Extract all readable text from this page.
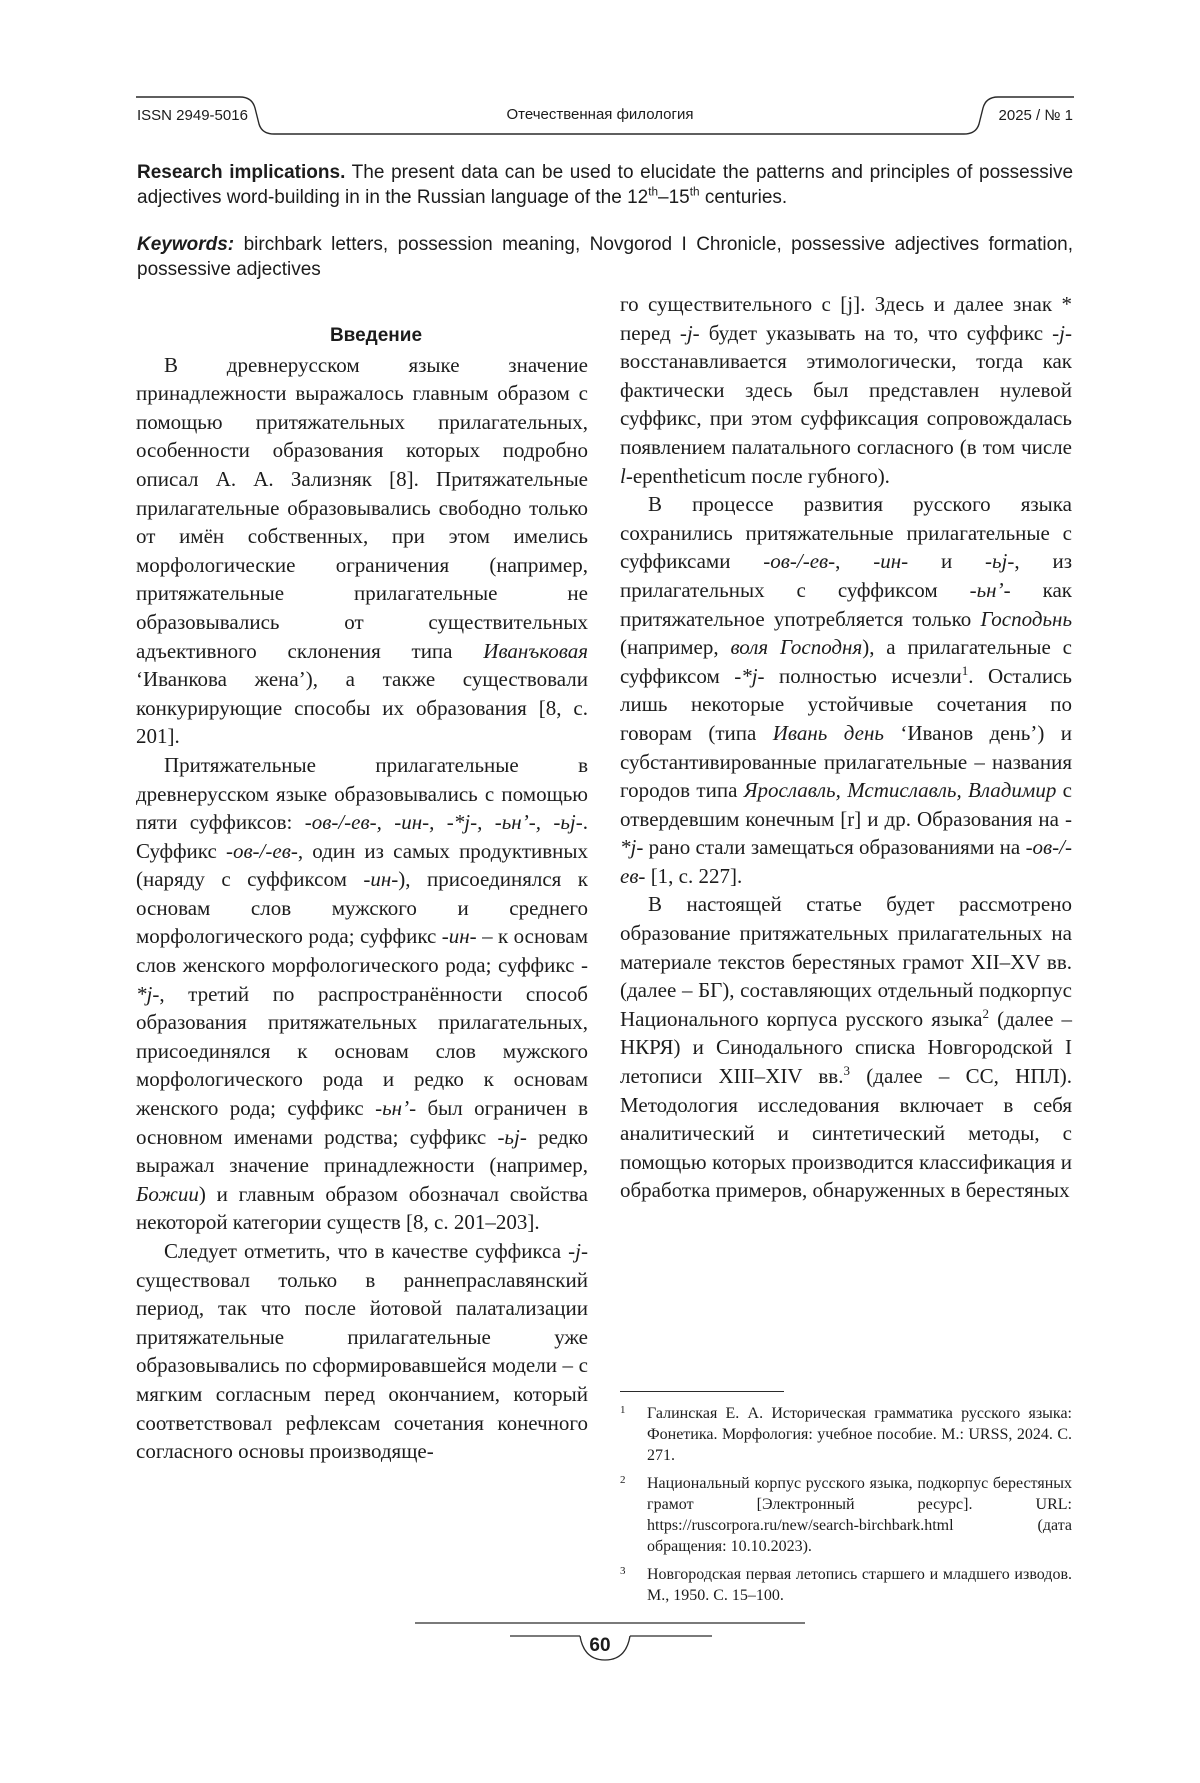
ISSN 2949-5016	Отечественная филология	2025 / № 1
Research implications. The present data can be used to elucidate the patterns and principles of possessive adjectives word-building in in the Russian language of the 12th–15th centuries.
Keywords: birchbark letters, possession meaning, Novgorod I Chronicle, possessive adjectives formation, possessive adjectives

Введение

В древнерусском языке значение принадлежности выражалось главным образом с помощью притяжательных прилагательных, особенности образования которых подробно описал А. А. Зализняк [8]. Притяжательные прилагательные образовывались свободно только от имён собственных, при этом имелись морфологические ограничения (например, притяжательные прилагательные не образовывались от существительных адъективного склонения типа Иванъковая ‘Иванкова жена’), а также существовали конкурирующие способы их образования [8, с. 201].

Притяжательные прилагательные в древнерусском языке образовывались с помощью пяти суффиксов: -ов-/-ев-, -ин-, -*j-, -ьн’-, -ьj-. Суффикс -ов-/-ев-, один из самых продуктивных (наряду с суффиксом -ин-), присоединялся к основам слов мужского и среднего морфологического рода; суффикс -ин- – к основам слов женского морфологического рода; суффикс -*j-, третий по распространённости способ образования притяжательных прилагательных, присоединялся к основам слов мужского морфологического рода и редко к основам женского рода; суффикс -ьн’- был ограничен в основном именами родства; суффикс -ьj- редко выражал значение принадлежности (например, Божии) и главным образом обозначал свойства некоторой категории существ [8, с. 201–203].

Следует отметить, что в качестве суффикса -j- существовал только в раннепраславянский период, так что после йотовой палатализации притяжательные прилагательные уже образовывались по сформировавшейся модели – с мягким согласным перед окончанием, который соответствовал рефлексам сочетания конечного согласного основы производяще-

го существительного с [j]. Здесь и далее знак * перед -j- будет указывать на то, что суффикс -j- восстанавливается этимологически, тогда как фактически здесь был представлен нулевой суффикс, при этом суффиксация сопровождалась появлением палатального согласного (в том числе l-epentheticum после губного).

В процессе развития русского языка сохранились притяжательные прилагательные с суффиксами -ов-/-ев-, -ин- и -ьj-, из прилагательных с суффиксом -ьн’- как притяжательное употребляется только Господьнь (например, воля Господня), а прилагательные с суффиксом -*j- полностью исчезли$^1$. Остались лишь некоторые устойчивые сочетания по говорам (типа Ивань день ‘Иванов день’) и субстантивированные прилагательные – названия городов типа Ярославль, Мстиславль, Владимир с отвердевшим конечным [r] и др. Образования на -*j- рано стали замещаться образованиями на -ов-/-ев- [1, с. 227].

В настоящей статье будет рассмотрено образование притяжательных прилагательных на материале текстов берестяных грамот XII–XV вв. (далее – БГ), составляющих отдельный подкорпус Национального корпуса русского языка$^2$ (далее – НКРЯ) и Синодального списка Новгородской I летописи XIII–XIV вв.$^3$ (далее – СС, НПЛ). Методология исследования включает в себя аналитический и синтетический методы, с помощью которых производится классификация и обработка примеров, обнаруженных в берестяных

1	Галинская Е. А. Историческая грамматика русского языка: Фонетика. Морфология: учебное пособие. М.: URSS, 2024. С. 271.
2	Национальный корпус русского языка, подкорпус берестяных грамот [Электронный ресурс]. URL: https://ruscorpora.ru/new/search-birchbark.html (дата обращения: 10.10.2023).
3	Новгородская первая летопись старшего и младшего изводов. М., 1950. С. 15–100.
60
